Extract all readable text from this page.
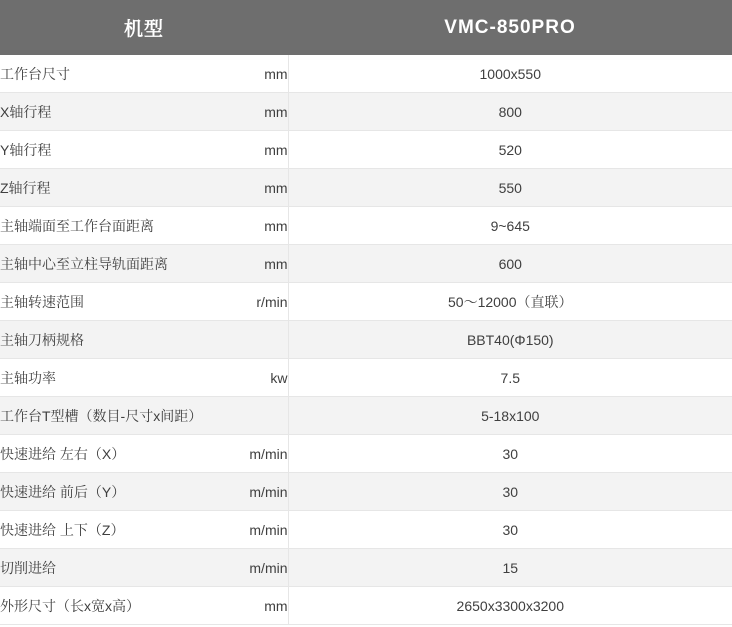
机型		VMC-850PRO
工作台尺寸	mm	1000x550
X轴行程	mm	800
Y轴行程	mm	520
Z轴行程	mm	550
主轴端面至工作台面距离	mm	9~645
主轴中心至立柱导轨面距离	mm	600
主轴转速范围	r/min	50～12000（直联）
主轴刀柄规格		BBT40(Φ150)
主轴功率	kw	7.5
工作台T型槽（数目-尺寸x间距）		5-18x100
快速进给 左右（X）	m/min	30
快速进给 前后（Y）	m/min	30
快速进给 上下（Z）	m/min	30
切削进给	m/min	15
外形尺寸（长x宽x高）	mm	2650x3300x3200
